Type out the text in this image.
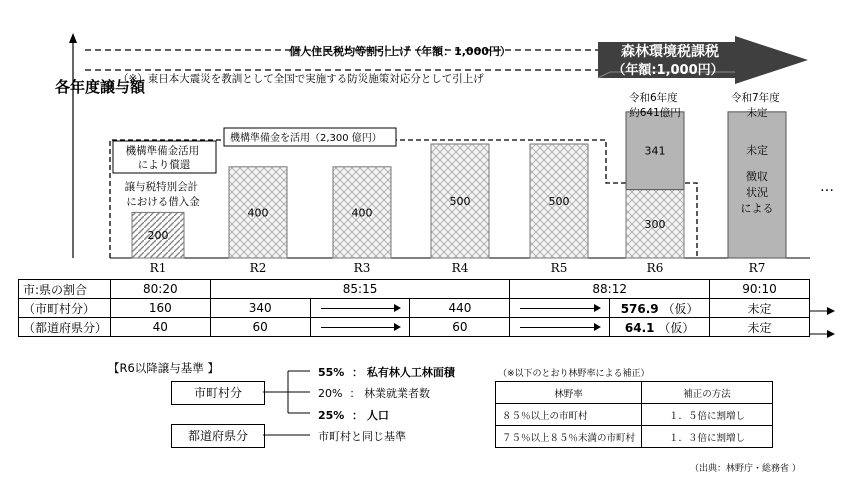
各年度譲与額
個人住民税均等割引上げ（年額：1,000円）
（※）東日本大震災を教訓として全国で実施する防災施策対応分として引上げ
森林環境税課税
（年額:1,000円）
機構準備金を活用（2,300 億円）
機構準備金活用 により償還
譲与税特別会計 における借入金
200
400	400
500	500
300
341	未定徴収状況による
令和6年度 約641億円
令和7年度 未定
…
R1	R2	R3	R4	R5	R6	R7
市:県の割合	80:20	85:15			88:12		90:10
（市町村分）	160	340		440		576.9 （仮）	未定
（都道府県分）	40	60		60		64.1 （仮）	未定
【R6以降譲与基準 】
市町村分
都道府県分
55% ： 私有林人工林面積
20% ： 林業就業者数
25% ： 人口
市町村と同じ基準
（※以下のとおり林野率による補正）
林野率	補正の方法
８５％以上の市町村	１．５倍に割増し
７５％以上８５％未満の市町村	１．３倍に割増し
（出典：林野庁・総務省 ）
